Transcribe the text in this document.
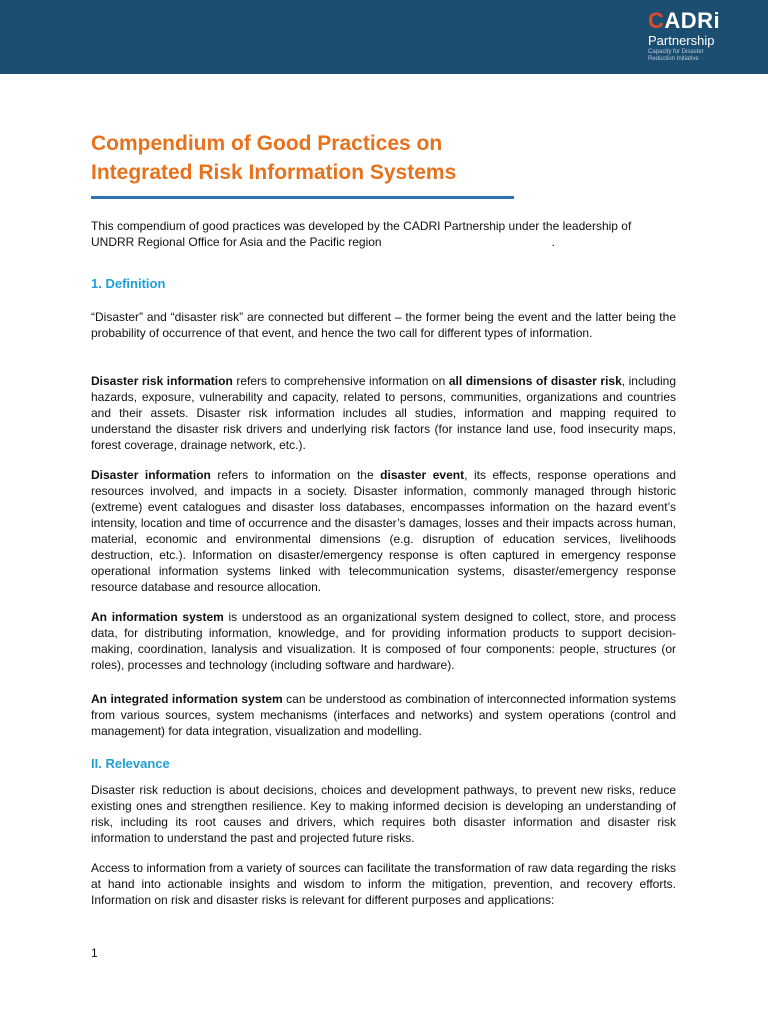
CADRi
Partnership
Capacity for Disaster
Reduction Initiative
Compendium of Good Practices on
Integrated Risk Information Systems

This compendium of good practices was developed by the CADRI Partnership under the leadership of UNDRR Regional Office for Asia and the Pacific region	.

1. Definition

“Disaster” and “disaster risk” are connected but different – the former being the event and the latter being the probability of occurrence of that event, and hence the two call for different types of information.

Disaster risk information refers to comprehensive information on all dimensions of disaster risk, including hazards, exposure, vulnerability and capacity, related to persons, communities, organizations and countries and their assets. Disaster risk information includes all studies, information and mapping required to understand the disaster risk drivers and underlying risk factors (for instance land use, food insecurity maps, forest coverage, drainage network, etc.).

Disaster information refers to information on the disaster event, its effects, response operations and resources involved, and impacts in a society. Disaster information, commonly managed through historic (extreme) event catalogues and disaster loss databases, encompasses information on the hazard event’s intensity, location and time of occurrence and the disaster’s damages, losses and their impacts across human, material, economic and environmental dimensions (e.g. disruption of education services, livelihoods destruction, etc.). Information on disaster/emergency response is often captured in emergency response operational information systems linked with telecommunication systems, disaster/emergency response resource database and resource allocation.

An information system is understood as an organizational system designed to collect, store, and process data, for distributing information, knowledge, and for providing information products to support decision-making, coordination, lanalysis and visualization. It is composed of four components: people, structures (or roles), processes and technology (including software and hardware).

An integrated information system can be understood as combination of interconnected information systems from various sources, system mechanisms (interfaces and networks) and system operations (control and management) for data integration, visualization and modelling.

II. Relevance

Disaster risk reduction is about decisions, choices and development pathways, to prevent new risks, reduce existing ones and strengthen resilience. Key to making informed decision is developing an understanding of risk, including its root causes and drivers, which requires both disaster information and disaster risk information to understand the past and projected future risks.

Access to information from a variety of sources can facilitate the transformation of raw data regarding the risks at hand into actionable insights and wisdom to inform the mitigation, prevention, and recovery efforts. Information on risk and disaster risks is relevant for different purposes and applications:

1
